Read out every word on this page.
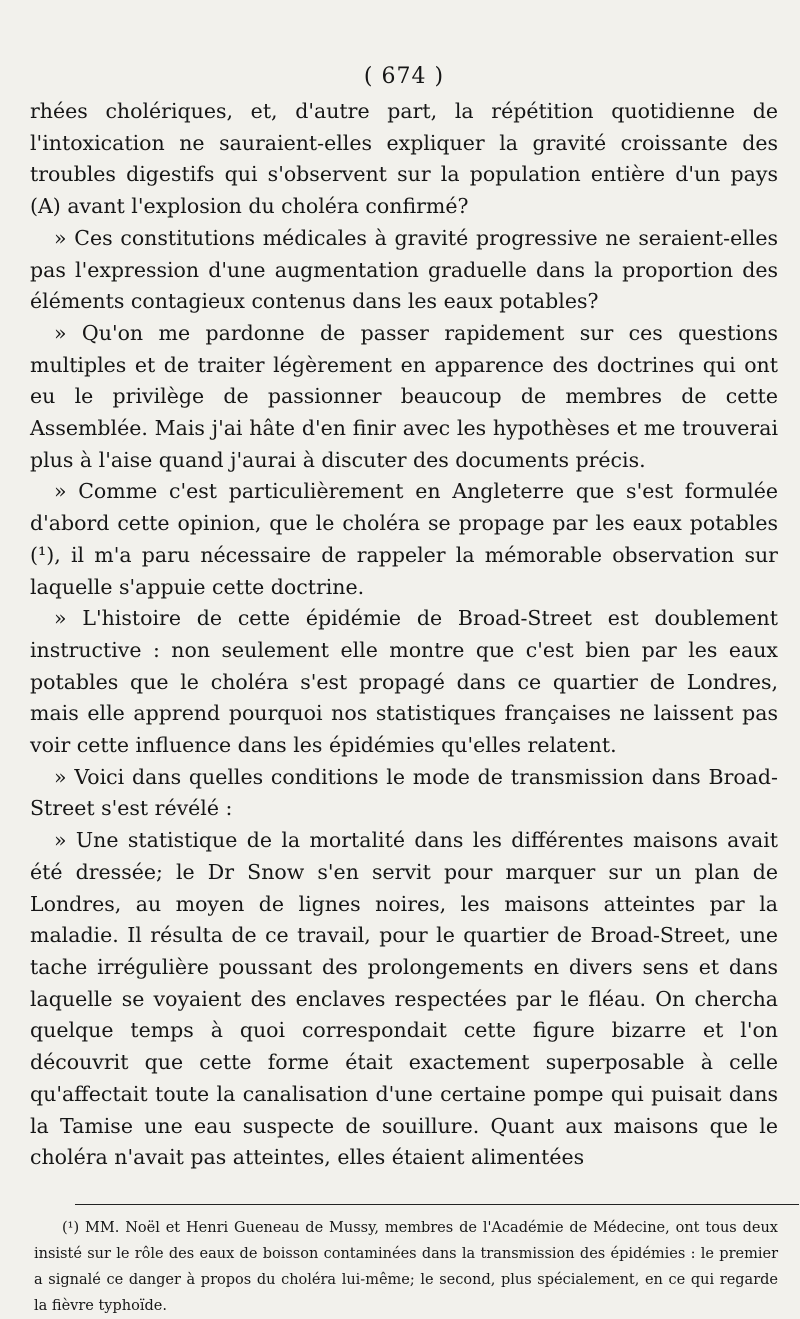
( 674 )

rhées cholériques, et, d'autre part, la répétition quotidienne de l'intoxication ne sauraient-elles expliquer la gravité croissante des troubles digestifs qui s'observent sur la population entière d'un pays (A) avant l'explosion du choléra confirmé?

» Ces constitutions médicales à gravité progressive ne seraient-elles pas l'expression d'une augmentation graduelle dans la proportion des éléments contagieux contenus dans les eaux potables?

» Qu'on me pardonne de passer rapidement sur ces questions multiples et de traiter légèrement en apparence des doctrines qui ont eu le privilège de passionner beaucoup de membres de cette Assemblée. Mais j'ai hâte d'en finir avec les hypothèses et me trouverai plus à l'aise quand j'aurai à discuter des documents précis.

» Comme c'est particulièrement en Angleterre que s'est formulée d'abord cette opinion, que le choléra se propage par les eaux potables (¹), il m'a paru nécessaire de rappeler la mémorable observation sur laquelle s'appuie cette doctrine.

» L'histoire de cette épidémie de Broad-Street est doublement instructive : non seulement elle montre que c'est bien par les eaux potables que le choléra s'est propagé dans ce quartier de Londres, mais elle apprend pourquoi nos statistiques françaises ne laissent pas voir cette influence dans les épidémies qu'elles relatent.

» Voici dans quelles conditions le mode de transmission dans Broad-Street s'est révélé :

» Une statistique de la mortalité dans les différentes maisons avait été dressée; le Dr Snow s'en servit pour marquer sur un plan de Londres, au moyen de lignes noires, les maisons atteintes par la maladie. Il résulta de ce travail, pour le quartier de Broad-Street, une tache irrégulière poussant des prolongements en divers sens et dans laquelle se voyaient des enclaves respectées par le fléau. On chercha quelque temps à quoi correspondait cette figure bizarre et l'on découvrit que cette forme était exactement superposable à celle qu'affectait toute la canalisation d'une certaine pompe qui puisait dans la Tamise une eau suspecte de souillure. Quant aux maisons que le choléra n'avait pas atteintes, elles étaient alimentées

(¹) MM. Noël et Henri Gueneau de Mussy, membres de l'Académie de Médecine, ont tous deux insisté sur le rôle des eaux de boisson contaminées dans la transmission des épidémies : le premier a signalé ce danger à propos du choléra lui-même; le second, plus spécialement, en ce qui regarde la fièvre typhoïde.
